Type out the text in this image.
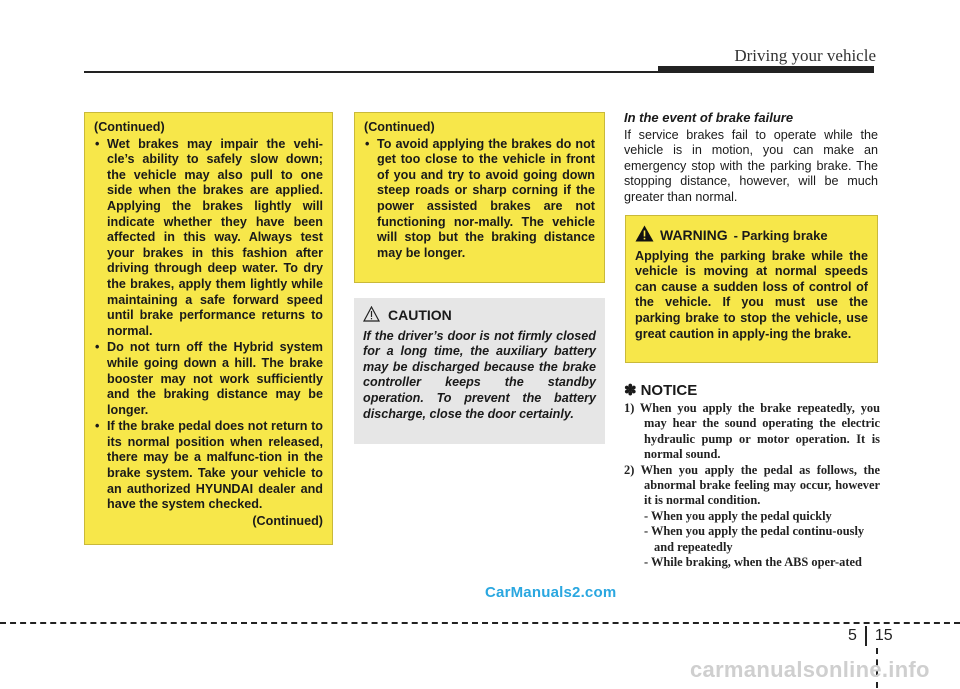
Driving your vehicle
(Continued)
• Wet brakes may impair the vehi-cle’s ability to safely slow down; the vehicle may also pull to one side when the brakes are applied. Applying the brakes lightly will indicate whether they have been affected in this way. Always test your brakes in this fashion after driving through deep water. To dry the brakes, apply them lightly while maintaining a safe forward speed until brake performance returns to normal.
• Do not turn off the Hybrid system while going down a hill. The brake booster may not work sufficiently and the braking distance may be longer.
• If the brake pedal does not return to its normal position when released, there may be a malfunc-tion in the brake system. Take your vehicle to an authorized HYUNDAI dealer and have the system checked.
(Continued)
(Continued)
• To avoid applying the brakes do not get too close to the vehicle in front of you and try to avoid going down steep roads or sharp corning if the power assisted brakes are not functioning nor-mally. The vehicle will stop but the braking distance may be longer.
CAUTION
If the driver’s door is not firmly closed for a long time, the auxiliary battery may be discharged because the brake controller keeps the standby operation. To prevent the battery discharge, close the door certainly.
In the event of brake failure
If service brakes fail to operate while the vehicle is in motion, you can make an emergency stop with the parking brake. The stopping distance, however, will be much greater than normal.
WARNING - Parking brake
Applying the parking brake while the vehicle is moving at normal speeds can cause a sudden loss of control of the vehicle. If you must use the parking brake to stop the vehicle, use great caution in apply-ing the brake.
✽ NOTICE

1) When you apply the brake repeatedly, you may hear the sound operating the electric hydraulic pump or motor operation. It is normal sound.

2) When you apply the pedal as follows, the abnormal brake feeling may occur, however it is normal condition.

- When you apply the pedal quickly

- When you apply the pedal continu-ously and repeatedly

- While braking, when the ABS oper-ated

CarManuals2.com
5 15
carmanualsonline.info
